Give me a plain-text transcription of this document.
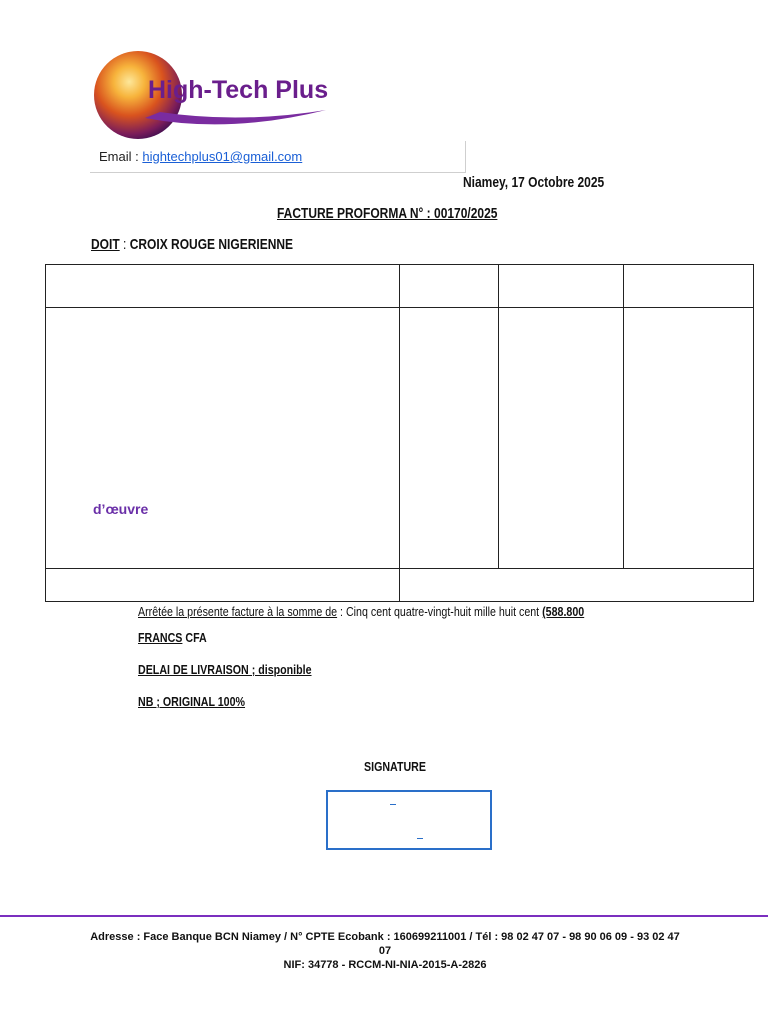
High-Tech Plus
Email : hightechplus01@gmail.com
Niamey, 17 Octobre 2025
FACTURE PROFORMA N° : 00170/2025
DOIT : CROIX ROUGE NIGERIENNE
d’œuvre
Arrêtée la présente facture à la somme de : Cinq cent quatre-vingt-huit mille huit cent (588.800
FRANCS CFA
DELAI DE LIVRAISON ; disponible
NB ; ORIGINAL 100%
SIGNATURE
Adresse : Face Banque BCN Niamey / N° CPTE Ecobank : 160699211001 / Tél : 98 02 47 07 - 98 90 06 09 - 93 02 47 07
NIF: 34778 - RCCM-NI-NIA-2015-A-2826
